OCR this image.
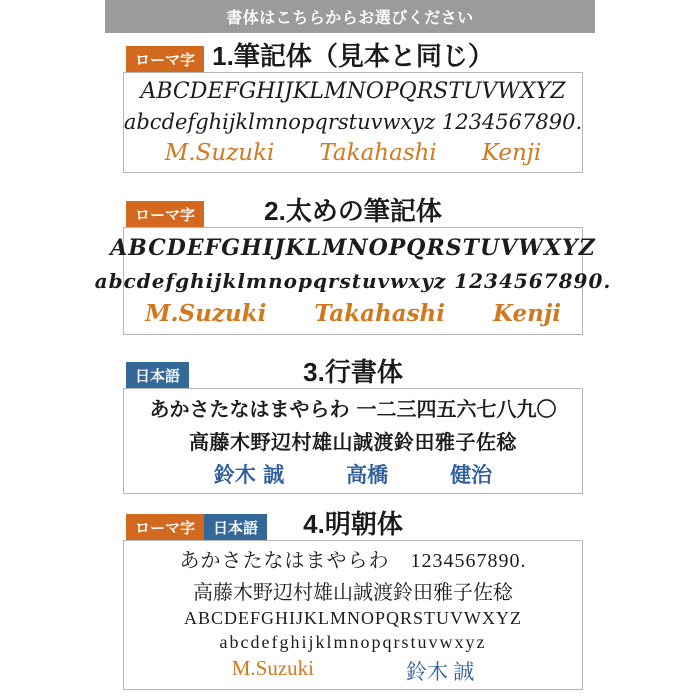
書体はこちらからお選びください
ローマ字 1.筆記体（見本と同じ）
ABCDEFGHIJKLMNOPQRSTUVWXYZ
abcdefghijklmnopqrstuvwxyz 1234567890.
M.Suzuki Takahashi Kenji
ローマ字	2.太めの筆記体
ABCDEFGHIJKLMNOPQRSTUVWXYZ
abcdefghijklmnopqrstuvwxyz 1234567890.
M.Suzuki Takahashi Kenji
日本語	3.行書体
あかさたなはまやらわ 一二三四五六七八九〇
高藤木野辺村雄山誠渡鈴田雅子佐稔
鈴木 誠	高橋	健治
ローマ字	日本語	4.明朝体
あかさたなはまやらわ　1234567890.
高藤木野辺村雄山誠渡鈴田雅子佐稔
ABCDEFGHIJKLMNOPQRSTUVWXYZ
abcdefghijklmnopqrstuvwxyz
M.Suzuki	鈴木 誠
